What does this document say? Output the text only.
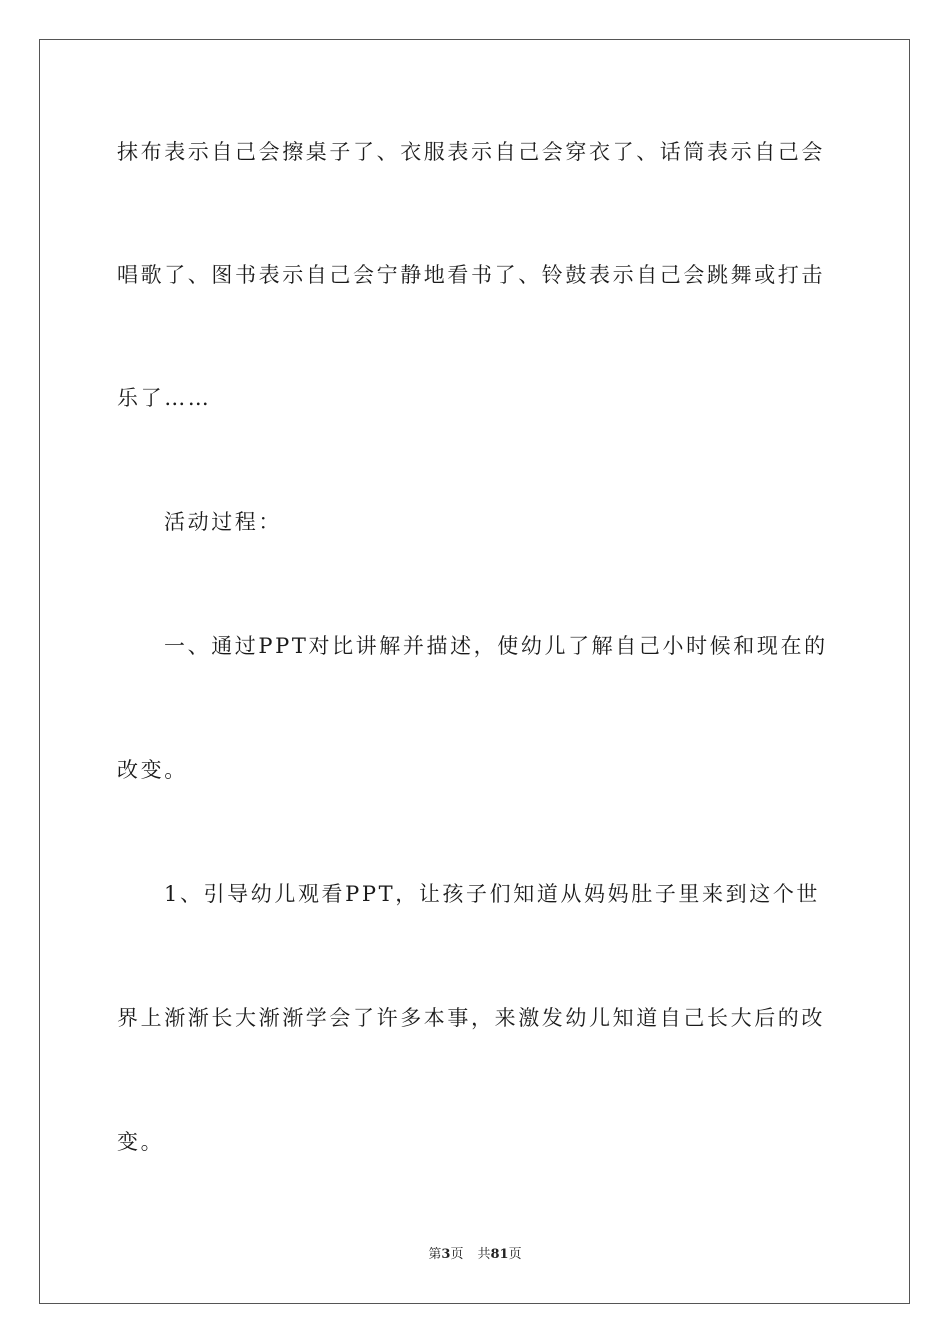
抹布表示自己会擦桌子了、衣服表示自己会穿衣了、话筒表示自己会
唱歌了、图书表示自己会宁静地看书了、铃鼓表示自己会跳舞或打击
乐了……
活动过程：
一、通过PPT对比讲解并描述，使幼儿了解自己小时候和现在的
改变。
1、引导幼儿观看PPT，让孩子们知道从妈妈肚子里来到这个世
界上渐渐长大渐渐学会了许多本事，来激发幼儿知道自己长大后的改
变。
第3页 共81页
